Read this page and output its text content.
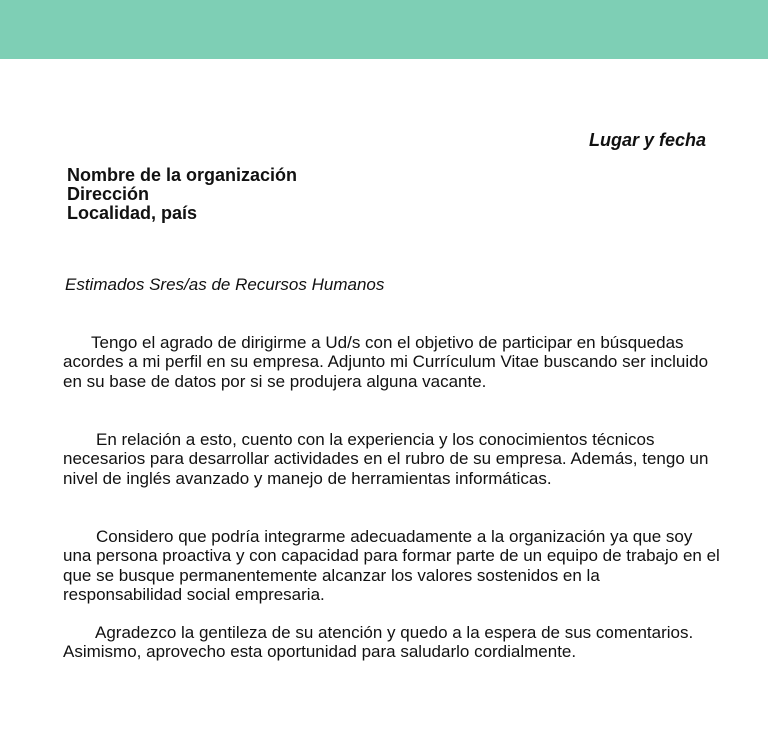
Lugar y fecha

Nombre de la organización
Dirección
Localidad, país
Estimados Sres/as de Recursos Humanos

Tengo el agrado de dirigirme a Ud/s con el objetivo de participar en búsquedas acordes a mi perfil en su empresa. Adjunto mi Currículum Vitae buscando ser incluido en su base de datos por si se produjera alguna vacante.

En relación a esto, cuento con la experiencia y los conocimientos técnicos necesarios para desarrollar actividades en el rubro de su empresa. Además, tengo un nivel de inglés avanzado y manejo de herramientas informáticas.

Considero que podría integrarme adecuadamente a la organización ya que soy una persona proactiva y con capacidad para formar parte de un equipo de trabajo en el que se busque permanentemente alcanzar los valores sostenidos en la responsabilidad social empresaria.

Agradezco la gentileza de su atención y quedo a la espera de sus comentarios. Asimismo, aprovecho esta oportunidad para saludarlo cordialmente.
